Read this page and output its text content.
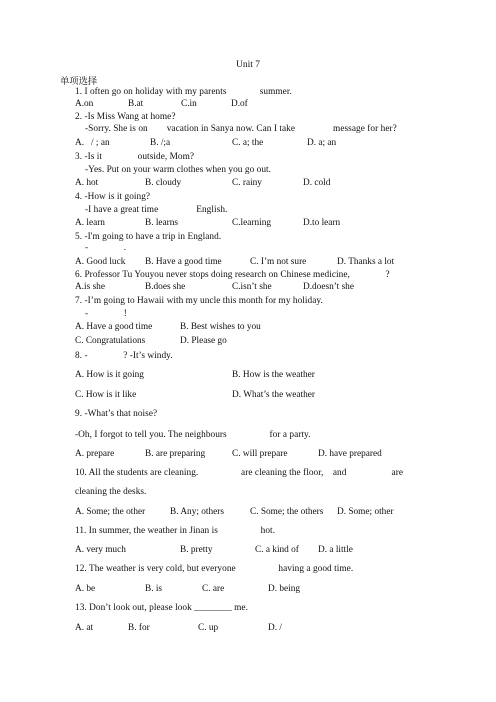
Unit 7
单项选择
1. I often go on holiday with my parents              summer.
A.on	B.at	C.in	D.of
2. -Is Miss Wang at home?
-Sorry. She is on        vacation in Sanya now. Can I take                message for her?
A.   / ; an	B. /;a	C. a; the	D. a; an
3. -Is it               outside, Mom?
-Yes. Put on your warm clothes when you go out.
A. hot	B. cloudy	C. rainy	D. cold
4. -How is it going?
-I have a great time                English.
A. learn	B. learns	C.learning	D.to learn
5. -I'm going to have a trip in England.
-               .
A. Good luck B. Have a good time	C. I’m not sure	D. Thanks a lot
6. Professor Tu Youyou never stops doing research on Chinese medicine,               ?
A.is she	B.does she	C.isn’t she	D.doesn’t she
7. -I’m going to Hawaii with my uncle this month for my holiday.
-               !
A. Have a good time	B. Best wishes to you
C. Congratulations	D. Please go
8. -               ? -It’s windy.
A. How is it going	B. How is the weather
C. How is it like	D. What’s the weather
9. -What’s that noise?
-Oh, I forgot to tell you. The neighbours                  for a party.
A. prepare	B. are preparing	C. will prepare	D. have prepared
10. All the students are cleaning.                  are cleaning the floor,    and                   are
cleaning the desks.
A. Some; the other	B. Any; others	C. Some; the others D. Some; other
11. In summer, the weather in Jinan is                  hot.
A. very much	B. pretty	C. a kind of D. a little
12. The weather is very cold, but everyone                  having a good time.
A. be	B. is	C. are	D. being
13. Don’t look out, please look ________ me.
A. at	B. for	C. up	D. /
